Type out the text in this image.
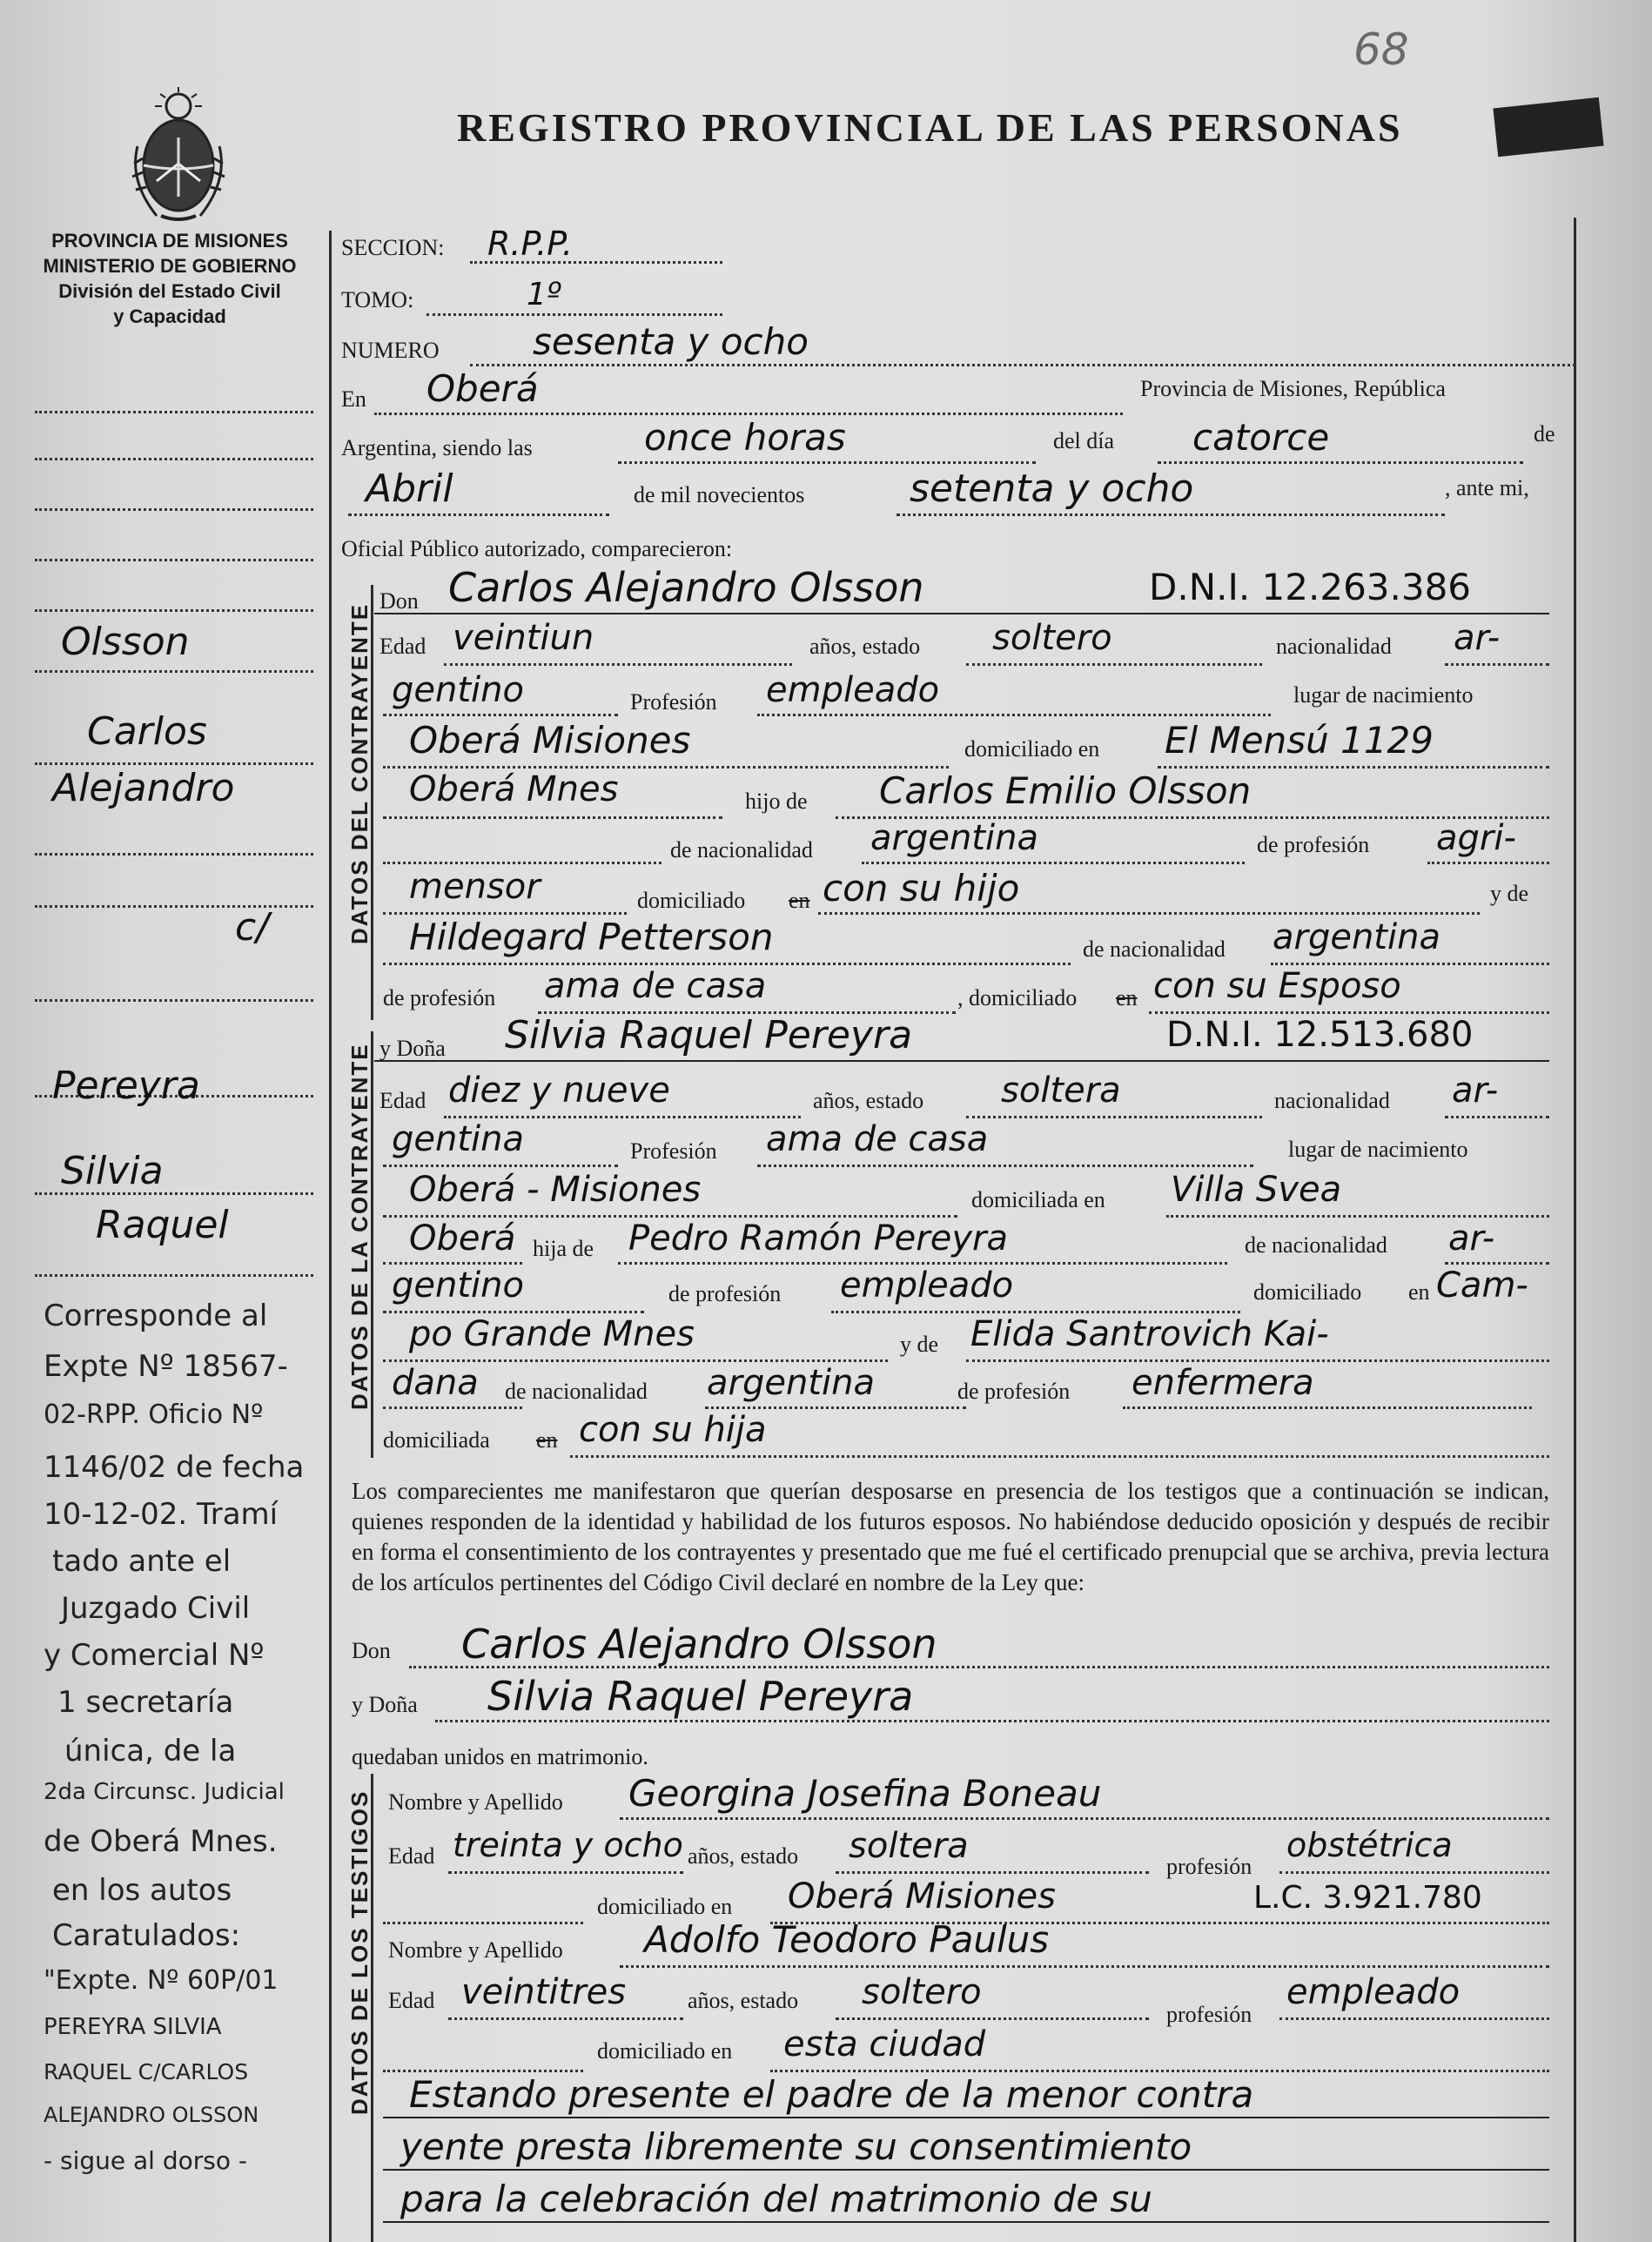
68
REGISTRO PROVINCIAL DE LAS PERSONAS
PROVINCIA DE MISIONES
MINISTERIO DE GOBIERNO
División del Estado Civil
y Capacidad
Olsson
Carlos
Alejandro
c/
Pereyra
Silvia
Raquel
Corresponde al
Expte Nº 18567-
02-RPP. Oficio Nº
1146/02 de fecha
10-12-02. Tramí
tado ante el
Juzgado Civil
y Comercial Nº
1 secretaría
única, de la
2da Circunsc. Judicial
de Oberá Mnes.
en los autos
Caratulados:
"Expte. Nº 60P/01
PEREYRA SILVIA
RAQUEL C/CARLOS
ALEJANDRO OLSSON
- sigue al dorso -
DATOS DEL CONTRAYENTE
DATOS DE LA CONTRAYENTE
DATOS DE LOS TESTIGOS
SECCION: R.P.P.
TOMO:	1º
NUMERO	sesenta y ocho
En Oberá	Provincia de Misiones, República
Argentina, siendo las	once horas	del día catorce	de
Abril	de mil novecientos	setenta y ocho	, ante mi,
Oficial Público autorizado, comparecieron:
Don Carlos Alejandro Olsson	D.N.I. 12.263.386
Edad veintiun	años, estado soltero	nacionalidad ar-
gentino	Profesión empleado	lugar de nacimiento
Oberá Misiones	domiciliado en El Mensú 1129
Oberá Mnes	hijo de Carlos Emilio Olsson
de nacionalidad argentina	de profesión agri-
mensor	domiciliado en con su hijo	y de
Hildegard Petterson	de nacionalidad argentina
de profesión ama de casa	, domiciliado en con su Esposo
y Doña Silvia Raquel Pereyra	D.N.I. 12.513.680
Edad diez y nueve	años, estado soltera	nacionalidad ar-
gentina	Profesión ama de casa	lugar de nacimiento
Oberá - Misiones	domiciliada en Villa Svea
Oberá hija de Pedro Ramón Pereyra	de nacionalidad ar-
gentino	de profesión empleado	domiciliado en Cam-
po Grande Mnes	y de Elida Santrovich Kai-
dana de nacionalidad argentina	de profesión enfermera
domiciliada en con su hija
Los comparecientes me manifestaron que querían desposarse en presencia de los testigos que a continuación se indican, quienes responden de la identidad y habilidad de los futuros esposos. No habiéndose deducido oposición y después de recibir en forma el consentimiento de los contrayentes y presentado que me fué el certificado prenupcial que se archiva, previa lectura de los artículos pertinentes del Código Civil declaré en nombre de la Ley que:
Don Carlos Alejandro Olsson
y Doña Silvia Raquel Pereyra
quedaban unidos en matrimonio.
Nombre y Apellido Georgina Josefina Boneau
Edad treinta y ocho años, estado soltera
profesión
obstétrica
domiciliado en Oberá Misiones	L.C. 3.921.780
Nombre y Apellido Adolfo Teodoro Paulus
Edad veintitres	años, estado soltero
profesión
empleado
domiciliado en esta ciudad
Estando presente el padre de la menor contra
yente presta libremente su consentimiento
para la celebración del matrimonio de su
